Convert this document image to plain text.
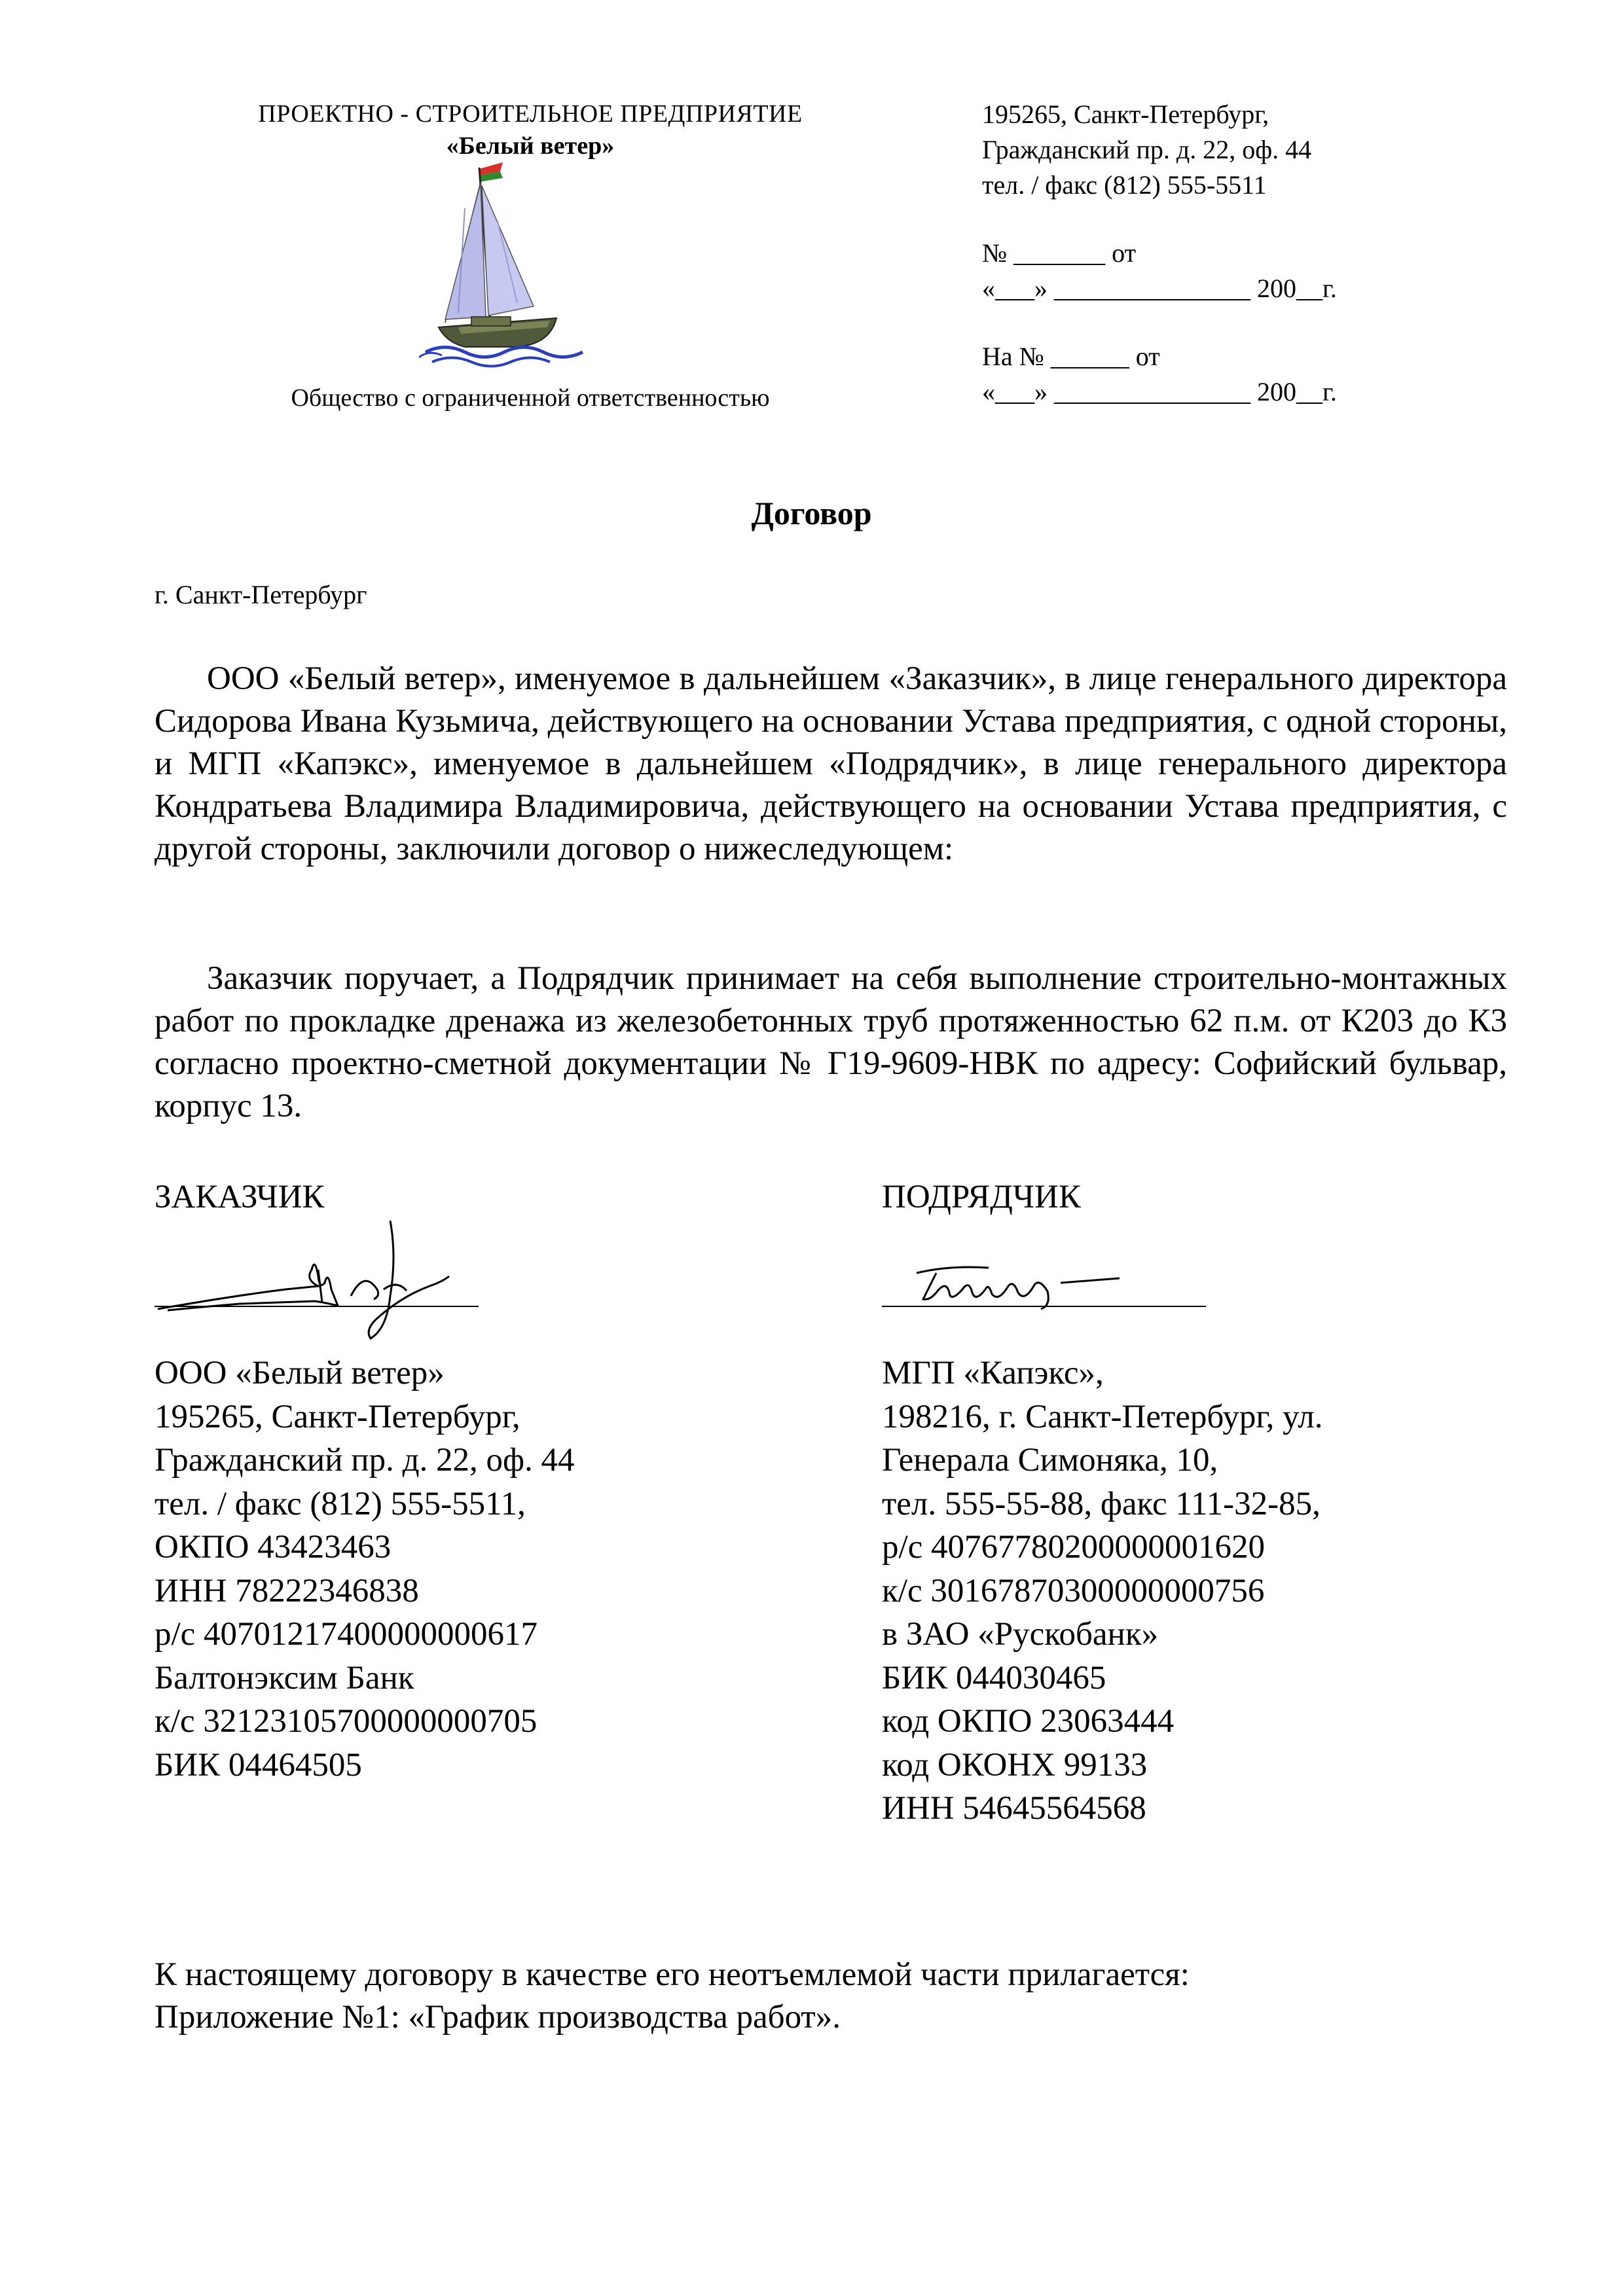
ПРОЕКТНО - СТРОИТЕЛЬНОЕ ПРЕДПРИЯТИЕ
«Белый ветер»
Общество с ограниченной ответственностью
195265, Санкт-Петербург,
Гражданский пр. д. 22, оф. 44
тел. / факс (812) 555-5511
№ _______ от
«___» _______________ 200__г.
На № ______ от
«___» _______________ 200__г.
Договор
г. Санкт-Петербург
ООО «Белый ветер», именуемое в дальнейшем «Заказчик», в лице генерального директора Сидорова Ивана Кузьмича, действующего на основании Устава предприятия, с одной стороны, и МГП «Капэкс», именуемое в дальнейшем «Подрядчик», в лице генерального директора Кондратьева Владимира Владимировича, действующего на основании Устава предприятия, с другой стороны, заключили договор о нижеследующем:
Заказчик поручает, а Подрядчик принимает на себя выполнение строительно-монтажных работ по прокладке дренажа из железобетонных труб протяженностью 62 п.м. от К203 до К3 согласно проектно-сметной документации № Г19-9609-НВК по адресу: Софийский бульвар, корпус 13.
ЗАКАЗЧИК	ПОДРЯДЧИК
ООО «Белый ветер»
195265, Санкт-Петербург,
Гражданский пр. д. 22, оф. 44
тел. / факс (812) 555-5511,
ОКПО 43423463
ИНН 78222346838
р/с 40701217400000000617
Балтонэксим Банк
к/с 32123105700000000705
БИК 04464505
МГП «Капэкс»,
198216, г. Санкт-Петербург, ул.
Генерала Симоняка, 10,
тел. 555-55-88, факс 111-32-85,
р/с 40767780200000001620
к/с 30167870300000000756
в ЗАО «Рускобанк»
БИК 044030465
код ОКПО 23063444
код ОКОНХ 99133
ИНН 54645564568
К настоящему договору в качестве его неотъемлемой части прилагается:
Приложение №1: «График производства работ».
